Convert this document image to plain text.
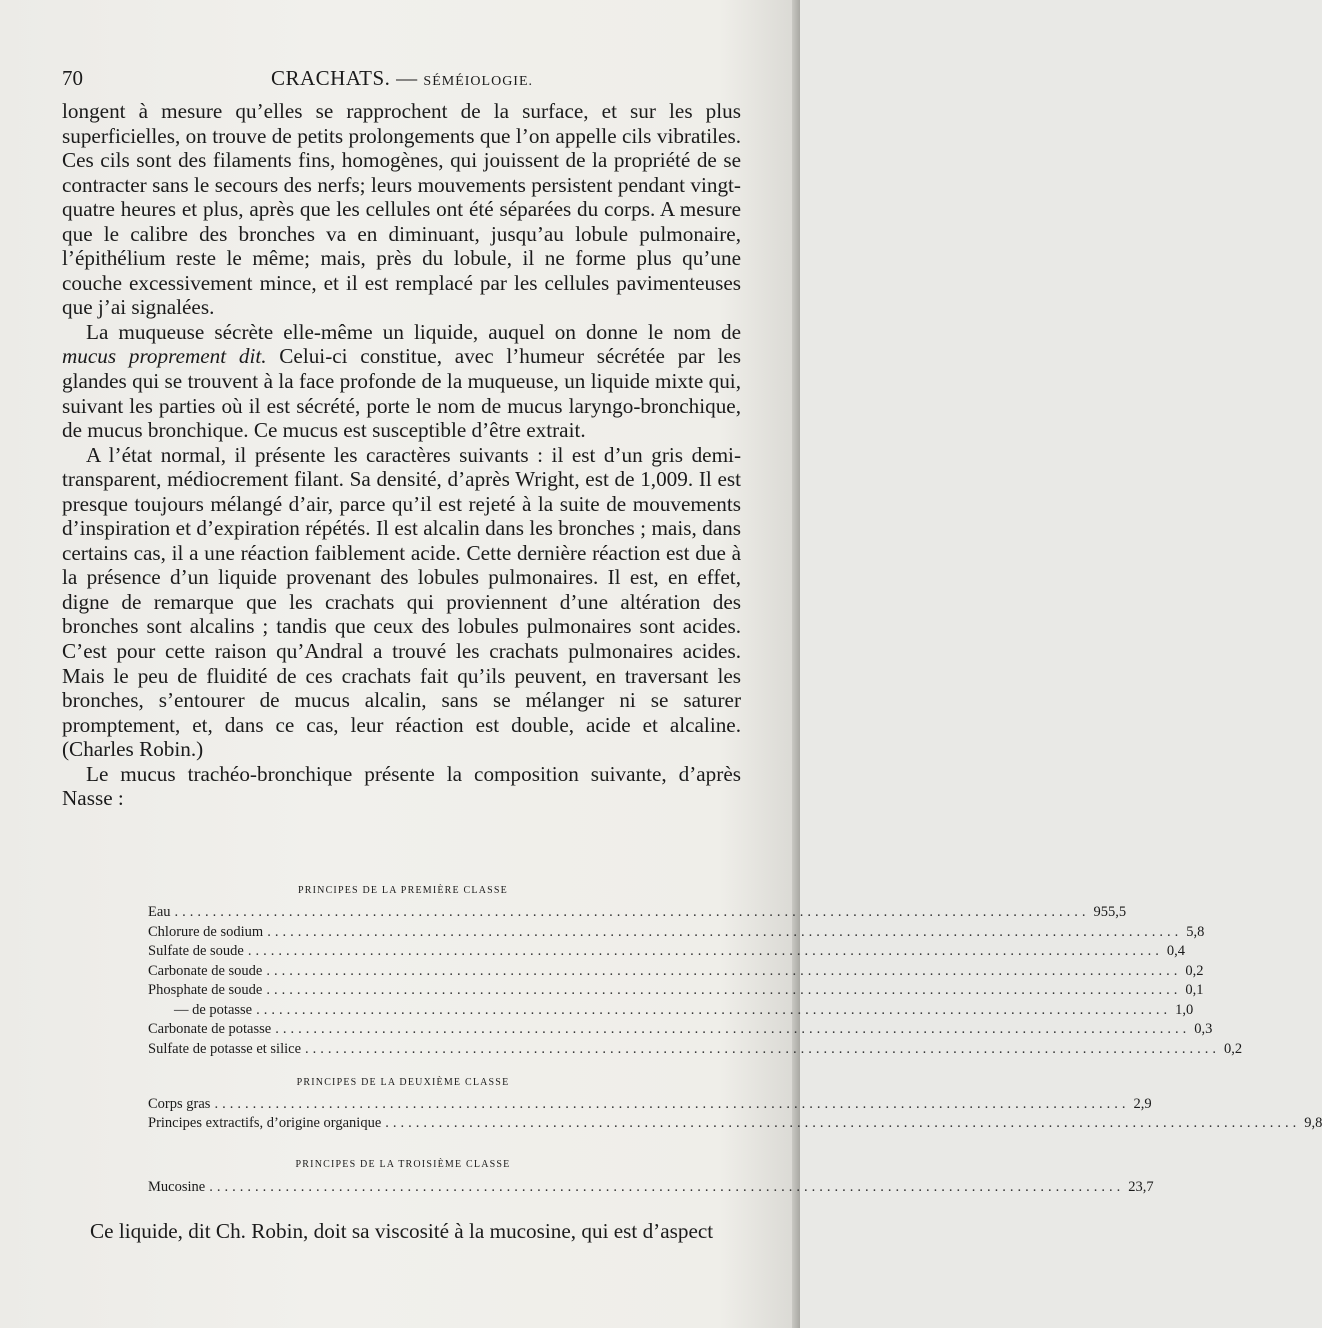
70	CRACHATS. — SÉMÉIOLOGIE.

longent à mesure qu’elles se rapprochent de la surface, et sur les plus superficielles, on trouve de petits prolongements que l’on appelle cils vibratiles. Ces cils sont des filaments fins, homogènes, qui jouissent de la propriété de se contracter sans le secours des nerfs; leurs mouvements persistent pendant vingt-quatre heures et plus, après que les cellules ont été séparées du corps. A mesure que le calibre des bronches va en diminuant, jusqu’au lobule pulmonaire, l’épithélium reste le même; mais, près du lobule, il ne forme plus qu’une couche excessivement mince, et il est remplacé par les cellules pavimenteuses que j’ai signalées.

La muqueuse sécrète elle-même un liquide, auquel on donne le nom de mucus proprement dit. Celui-ci constitue, avec l’humeur sécrétée par les glandes qui se trouvent à la face profonde de la muqueuse, un liquide mixte qui, suivant les parties où il est sécrété, porte le nom de mucus laryngo-bronchique, de mucus bronchique. Ce mucus est susceptible d’être extrait.

A l’état normal, il présente les caractères suivants : il est d’un gris demi-transparent, médiocrement filant. Sa densité, d’après Wright, est de 1,009. Il est presque toujours mélangé d’air, parce qu’il est rejeté à la suite de mouvements d’inspiration et d’expiration répétés. Il est alcalin dans les bronches ; mais, dans certains cas, il a une réaction faiblement acide. Cette dernière réaction est due à la présence d’un liquide provenant des lobules pulmonaires. Il est, en effet, digne de remarque que les crachats qui proviennent d’une altération des bronches sont alcalins ; tandis que ceux des lobules pulmonaires sont acides. C’est pour cette raison qu’Andral a trouvé les crachats pulmonaires acides. Mais le peu de fluidité de ces crachats fait qu’ils peuvent, en traversant les bronches, s’entourer de mucus alcalin, sans se mélanger ni se saturer promptement, et, dans ce cas, leur réaction est double, acide et alcaline. (Charles Robin.)

Le mucus trachéo-bronchique présente la composition suivante, d’après Nasse :

PRINCIPES DE LA PREMIÈRE CLASSE
Eau ........................................................................................................................ 955,5
Chlorure de sodium ........................................................................................................................ 5,8
Sulfate de soude ........................................................................................................................ 0,4
Carbonate de soude ........................................................................................................................ 0,2
Phosphate de soude ........................................................................................................................ 0,1
— de potasse ........................................................................................................................ 1,0
Carbonate de potasse ........................................................................................................................ 0,3
Sulfate de potasse et silice ........................................................................................................................ 0,2
PRINCIPES DE LA DEUXIÈME CLASSE
Corps gras ........................................................................................................................ 2,9
Principes extractifs, d’origine organique ........................................................................................................................ 9,8
PRINCIPES DE LA TROISIÈME CLASSE
Mucosine ........................................................................................................................ 23,7
Ce liquide, dit Ch. Robin, doit sa viscosité à la mucosine, qui est d’aspect
